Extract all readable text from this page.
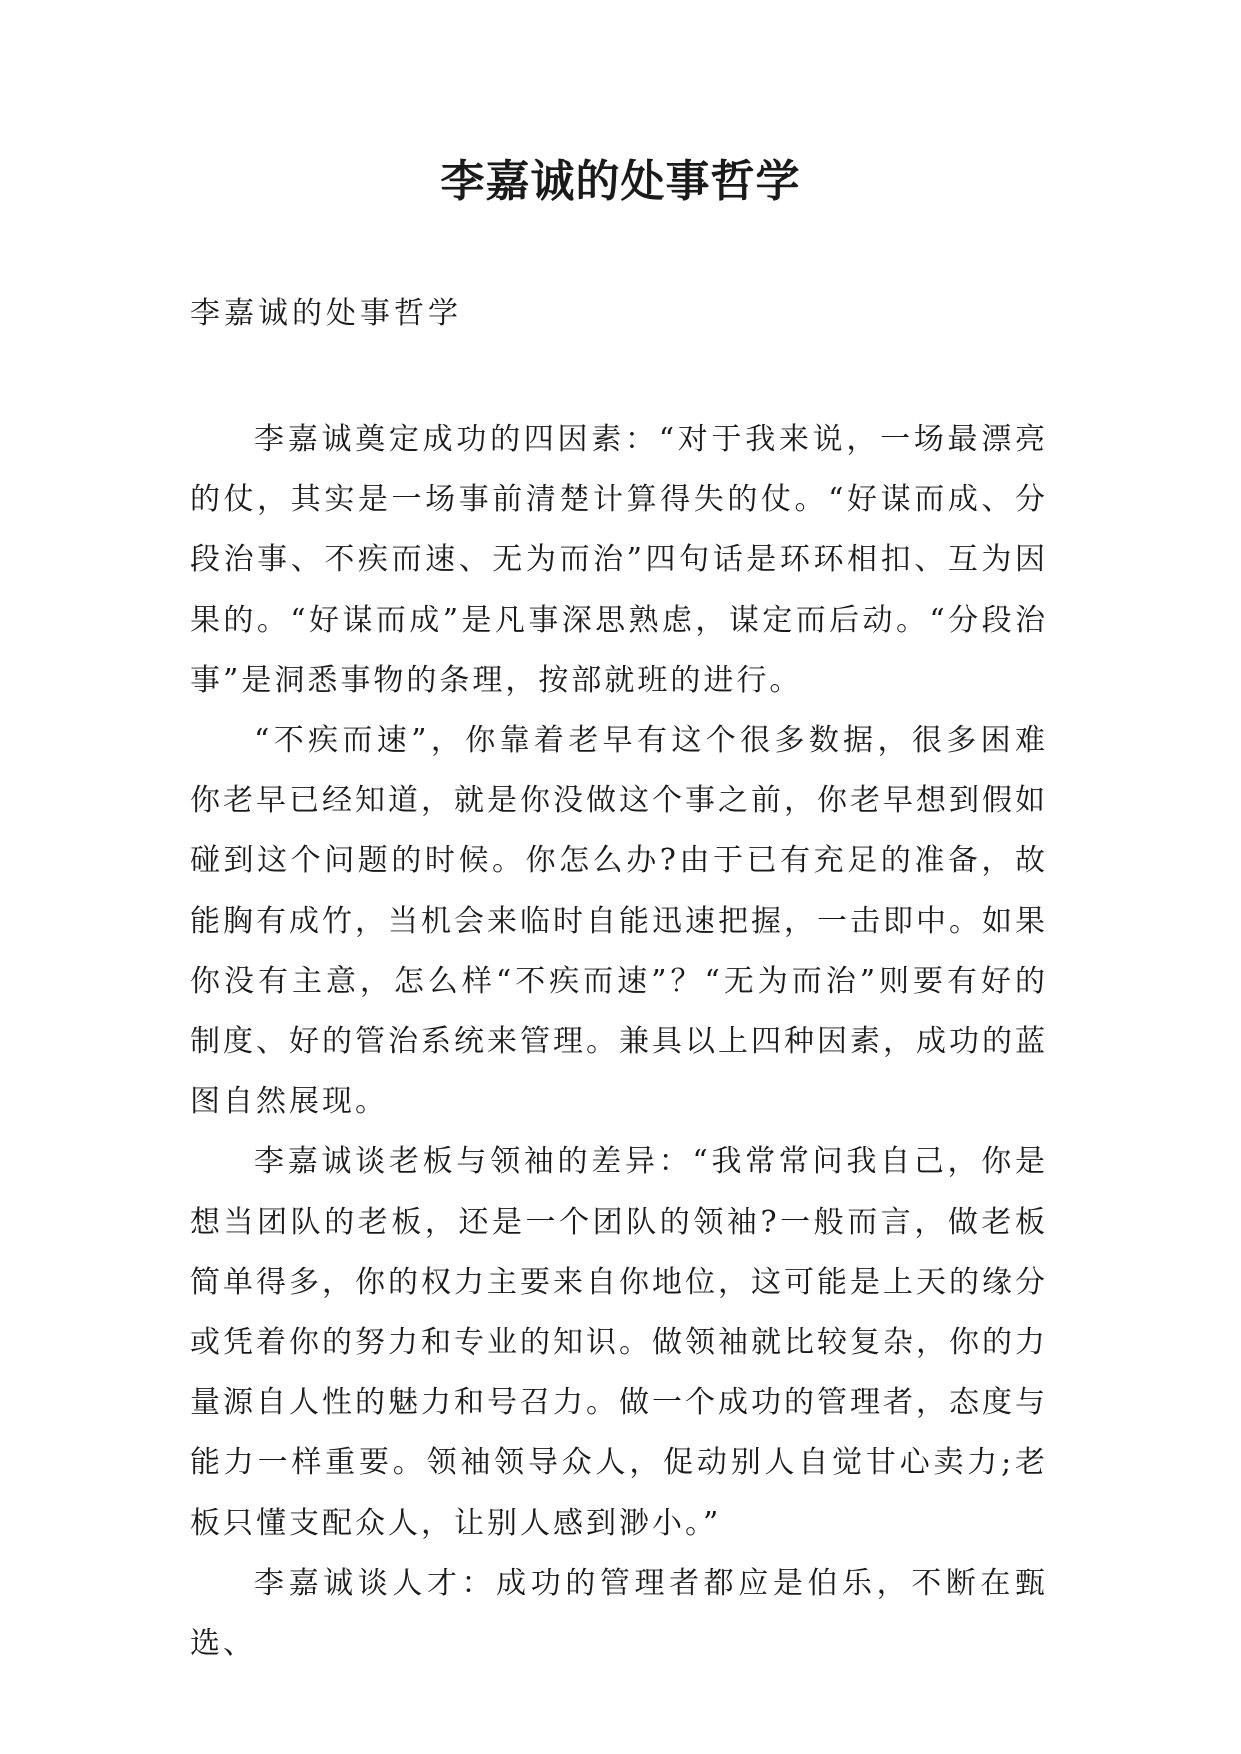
李嘉诚的处事哲学

李嘉诚的处事哲学

李嘉诚奠定成功的四因素：“对于我来说，一场最漂亮的仗，其实是一场事前清楚计算得失的仗。“好谋而成、分段治事、不疾而速、无为而治”四句话是环环相扣、互为因果的。“好谋而成”是凡事深思熟虑，谋定而后动。“分段治事”是洞悉事物的条理，按部就班的进行。

“不疾而速”，你靠着老早有这个很多数据，很多困难你老早已经知道，就是你没做这个事之前，你老早想到假如碰到这个问题的时候。你怎么办?由于已有充足的准备，故能胸有成竹，当机会来临时自能迅速把握，一击即中。如果你没有主意，怎么样“不疾而速”？“无为而治”则要有好的制度、好的管治系统来管理。兼具以上四种因素，成功的蓝图自然展现。

李嘉诚谈老板与领袖的差异：“我常常问我自己，你是想当团队的老板，还是一个团队的领袖?一般而言，做老板简单得多，你的权力主要来自你地位，这可能是上天的缘分或凭着你的努力和专业的知识。做领袖就比较复杂，你的力量源自人性的魅力和号召力。做一个成功的管理者，态度与能力一样重要。领袖领导众人，促动别人自觉甘心卖力;老板只懂支配众人，让别人感到渺小。”

李嘉诚谈人才：成功的管理者都应是伯乐，不断在甄选、
